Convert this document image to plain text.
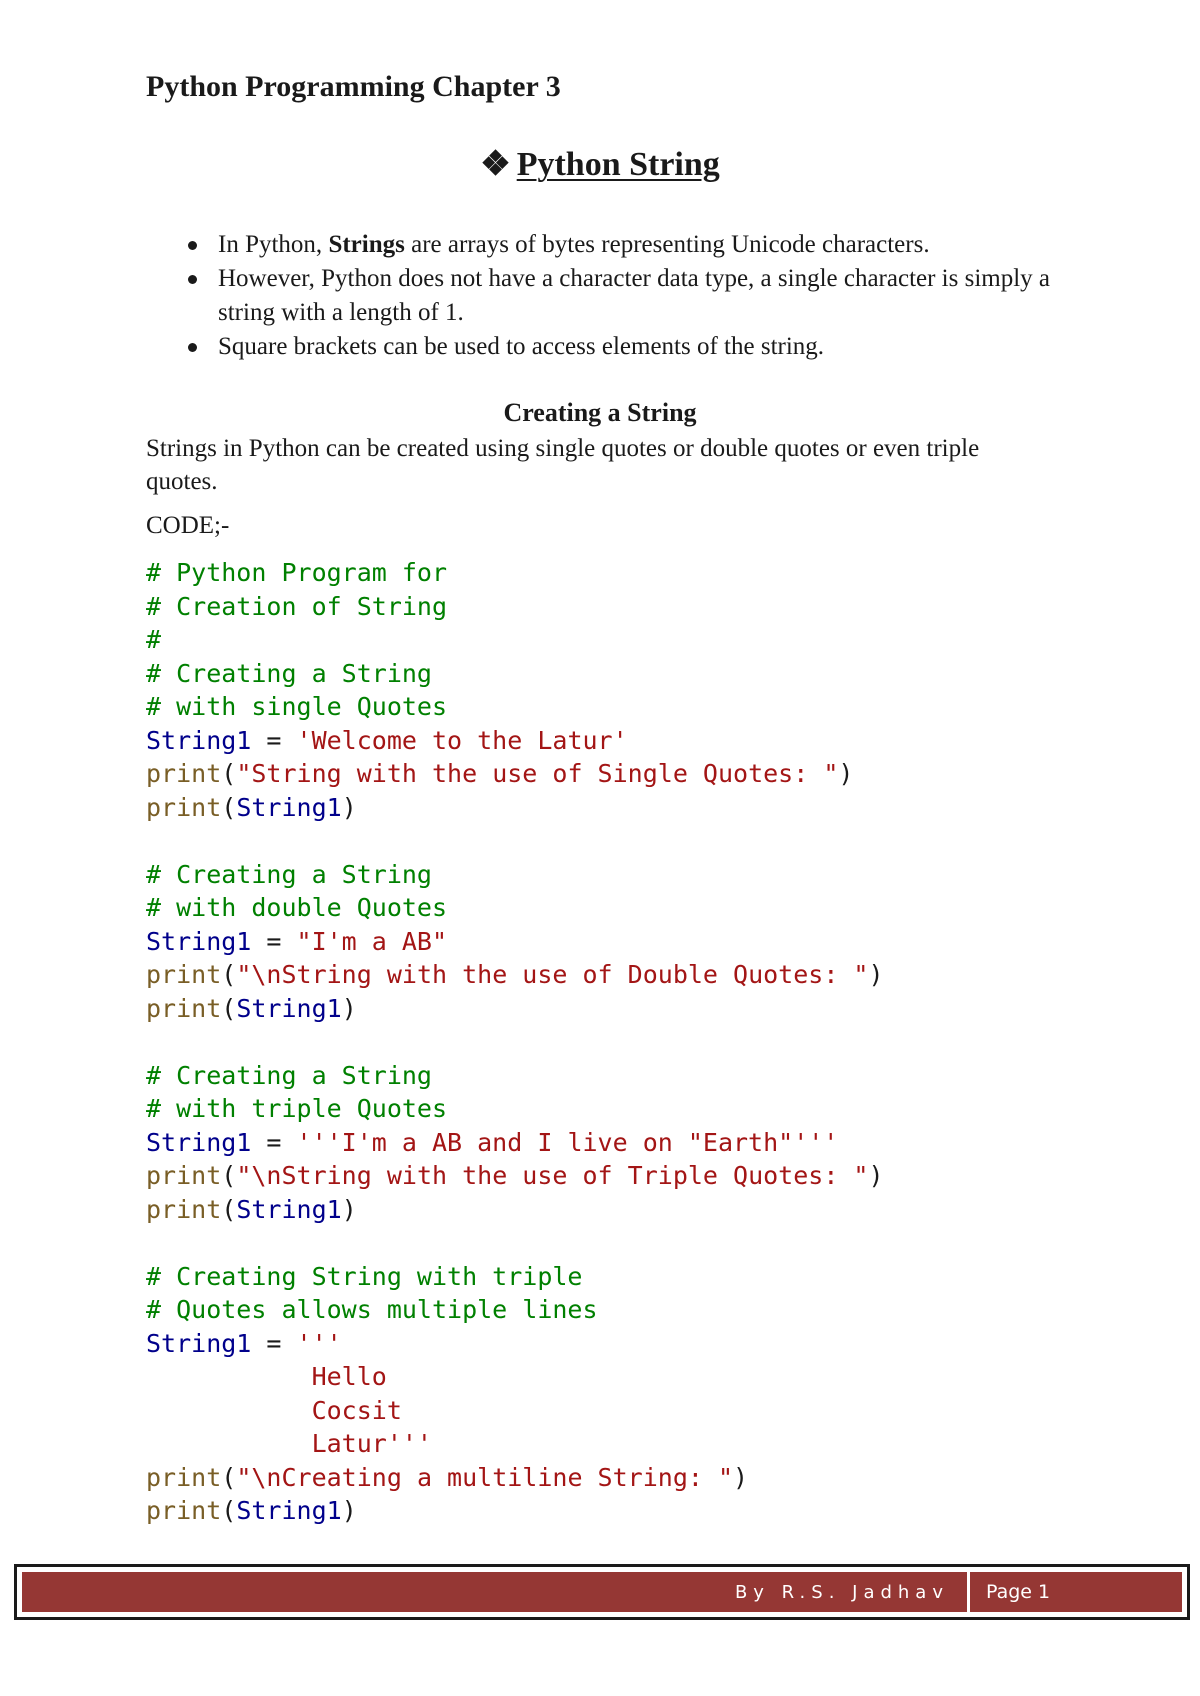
Python Programming Chapter 3
❖ Python String
In Python, Strings are arrays of bytes representing Unicode characters.
However, Python does not have a character data type, a single character is simply a string with a length of 1.
Square brackets can be used to access elements of the string.
Creating a String
Strings in Python can be created using single quotes or double quotes or even triple quotes.
CODE;-
# Python Program for
# Creation of String
#
# Creating a String
# with single Quotes
String1 = 'Welcome to the Latur'
print("String with the use of Single Quotes: ")
print(String1)
# Creating a String
# with double Quotes
String1 = "I'm a AB"
print("\nString with the use of Double Quotes: ")
print(String1)
# Creating a String
# with triple Quotes
String1 = '''I'm a AB and I live on "Earth"'''
print("\nString with the use of Triple Quotes: ")
print(String1)
# Creating String with triple
# Quotes allows multiple lines
String1 = '''
Hello
Cocsit
Latur'''
print("\nCreating a multiline String: ")
print(String1)
By R.S. Jadhav	Page 1
